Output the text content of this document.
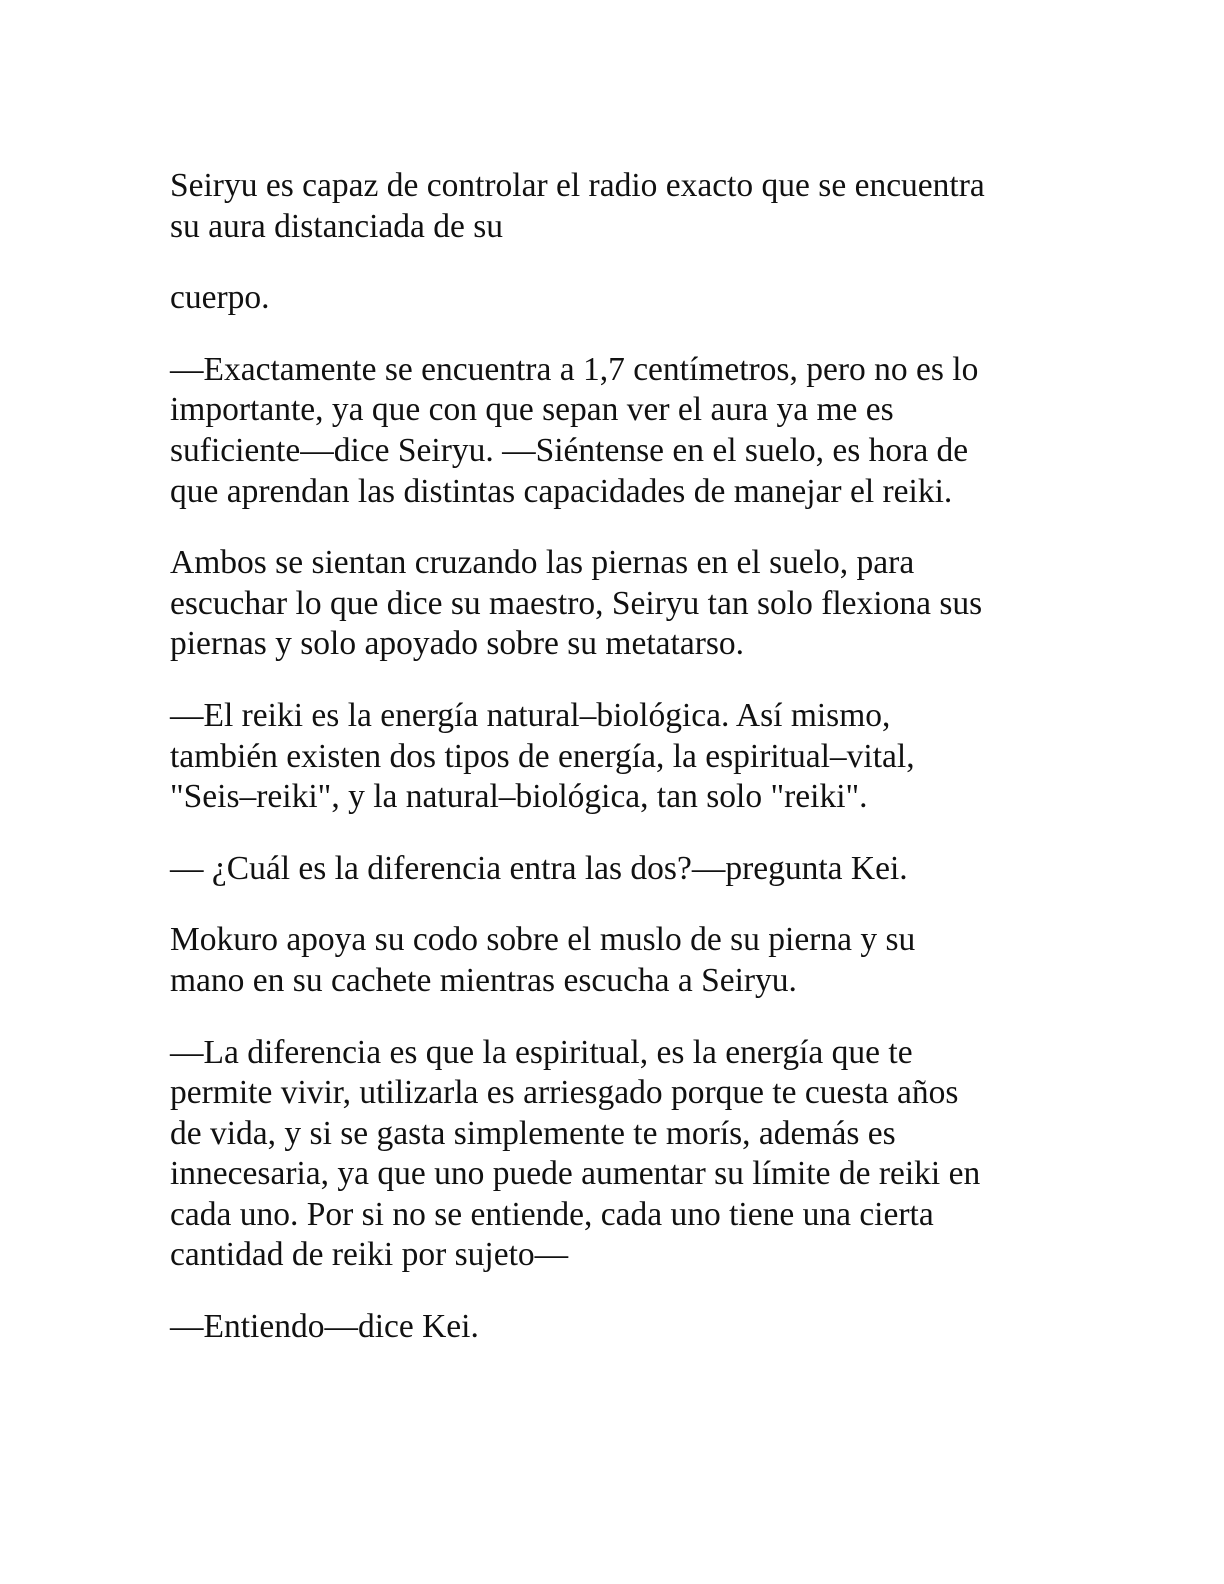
Seiryu es capaz de controlar el radio exacto que se encuentra
su aura distanciada de su
cuerpo.
—Exactamente se encuentra a 1,7 centímetros, pero no es lo
importante, ya que con que sepan ver el aura ya me es
suficiente—dice Seiryu. —Siéntense en el suelo, es hora de
que aprendan las distintas capacidades de manejar el reiki.
Ambos se sientan cruzando las piernas en el suelo, para
escuchar lo que dice su maestro, Seiryu tan solo flexiona sus
piernas y solo apoyado sobre su metatarso.
—El reiki es la energía natural–biológica. Así mismo,
también existen dos tipos de energía, la espiritual–vital,
"Seis–reiki", y la natural–biológica, tan solo "reiki".
— ¿Cuál es la diferencia entra las dos?—pregunta Kei.
Mokuro apoya su codo sobre el muslo de su pierna y su
mano en su cachete mientras escucha a Seiryu.
—La diferencia es que la espiritual, es la energía que te
permite vivir, utilizarla es arriesgado porque te cuesta años
de vida, y si se gasta simplemente te morís, además es
innecesaria, ya que uno puede aumentar su límite de reiki en
cada uno. Por si no se entiende, cada uno tiene una cierta
cantidad de reiki por sujeto—
—Entiendo—dice Kei.
